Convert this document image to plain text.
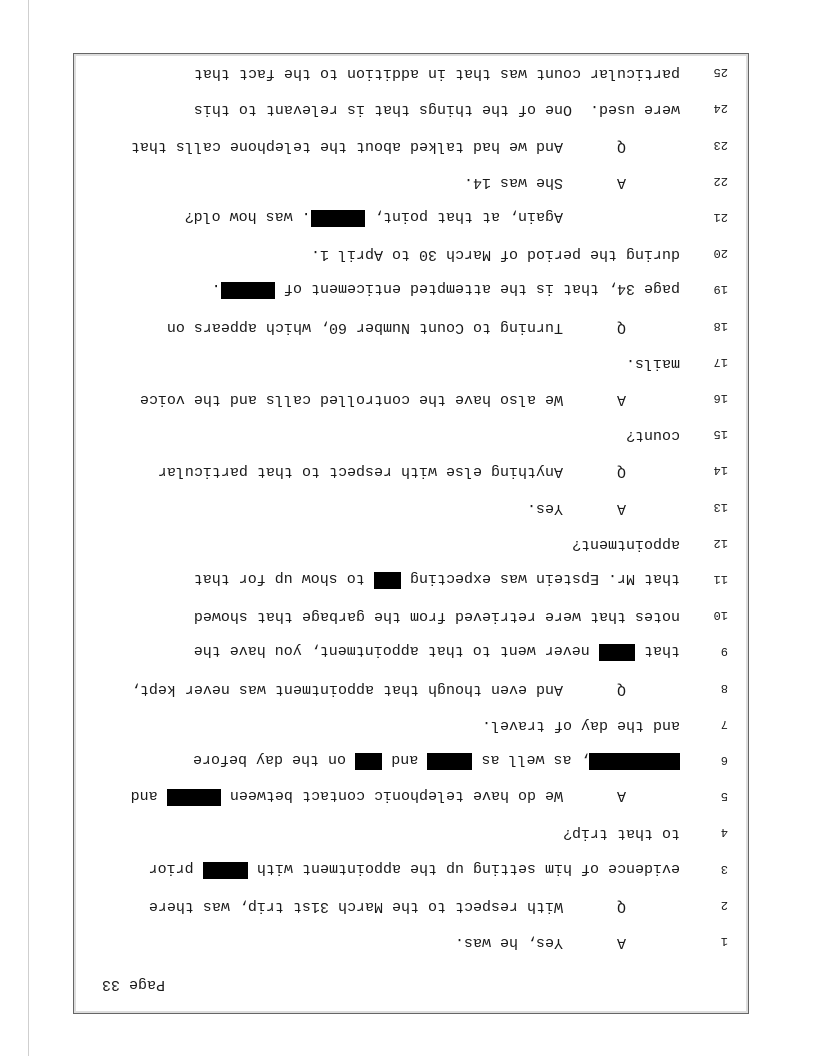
Page 33
1
A      Yes, he was.
2
Q      With respect to the March 31st trip, was there
3
evidence of him setting up the appointment with  prior
4
to that trip?
5
A      We do have telephonic contact between  and
6
, as well as  and  on the day before
7
and the day of travel.
8
Q      And even though that appointment was never kept,
9
that  never went to that appointment, you have the
10
notes that were retrieved from the garbage that showed
11
that Mr. Epstein was expecting  to show up for that
12
appointment?
13
A      Yes.
14
Q      Anything else with respect to that particular
15
count?
16
A      We also have the controlled calls and the voice
17
mails.
18
Q      Turning to Count Number 60, which appears on
19
page 34, that is the attempted enticement of .
20
during the period of March 30 to April 1.
21
Again, at that point, . was how old?
22
A      She was 14.
23
Q      And we had talked about the telephone calls that
24
were used.  One of the things that is relevant to this
25
particular count was that in addition to the fact that
